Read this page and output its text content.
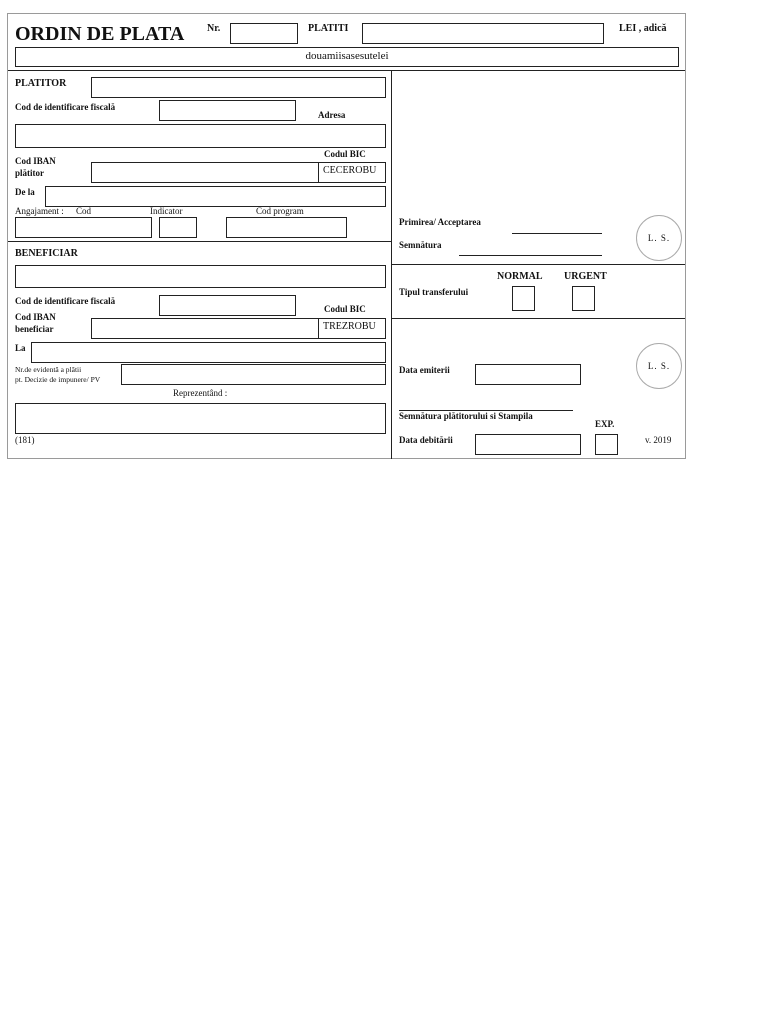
ORDIN DE PLATA Nr.	PLATITI	LEI , adică
douamiisasesutelei
PLATITOR
Cod de identificare fiscală
Adresa
Codul BIC
Cod IBAN
plătitor	CECEROBU
De la
Angajament : Cod	Indicator	Cod program
BENEFICIAR
Cod de identificare fiscală
Codul BIC
Cod IBAN
beneficiar	TREZROBU
La
Nr.de evidentă a plătii
pt. Decizie de impunere/ PV
Reprezentând :
(181)
Primirea/ Acceptarea
Semnătura
L. S.
NORMAL URGENT
Tipul transferului
Data emiterii	L. S.
Semnătura plătitorului si Stampila
EXP.
Data debitării	v. 2019
